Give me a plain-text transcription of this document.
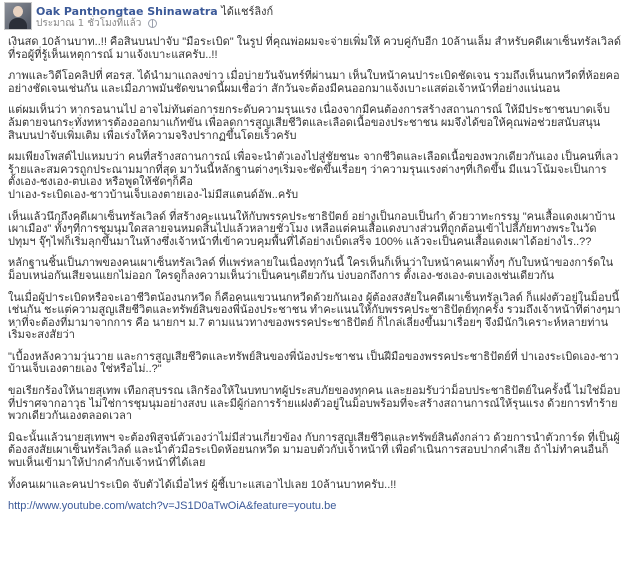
Oak Panthongtae Shinawatra ได้แชร์ลิงก์
ประมาณ 1 ชั่วโมงที่แล้ว

เงินสด 10ล้านบาท..!! คือสินบนปาจับ "มือระเบิด" ในรูป ที่คุณพ่อผมจะจ่ายเพิ่มให้ ควบคู่กับอีก 10ล้านเล็ม สำหรับคดีเผาเซ็นทรัลเวิลด์ ที่รอผู้ที่รู้เห็นเหตุการณ์ มาแจ้งเบาะแสครับ..!!

ภาพและวิดีโอคลิปที่ ศอรส. ได้นำมาแถลงข่าว เมื่อบ่ายวันจันทร์ที่ผ่านมา เห็นใบหน้าคนปาระเบิดชัดเจน รวมถึงเห็นนกหวีดที่ห้อยคออย่างชัดเจนเช่นกัน และเมื่อภาพมันชัดขนาดนี้ผมเชื่อว่า สักวันจะต้องมีคนออกมาแจ้งเบาะแสต่อเจ้าหน้าที่อย่างแน่นอน

แต่ผมเห็นว่า หากรอนานไป อาจไม่ทันต่อการยกระดับความรุนแรง เนื่องจากมีคนต้องการสร้างสถานการณ์ ให้มีประชาชนบาดเจ็บล้มตายจนกระทั่งทหารต้องออกมาแก้ทขัน เพื่อลดการสูญเสียชีวิตและเลือดเนื้อของประชาชน ผมจึงได้ขอให้คุณพ่อช่วยสนับสนุนสินบนปาจับเพิ่มเติม เพื่อเร่งให้ความจริงปรากฏขึ้นโดยเร็วครับ

ผมเพียงโพสต์ไปแหมบว่า คนที่สร้างสถานการณ์ เพื่อจะนำตัวเองไปสู่ชัยชนะ จากชีวิตและเลือดเนื้อของพวกเดียวกันเอง เป็นคนที่เลวร้ายและสมควรถูกประณามมากที่สุด มาวันนี้หลักฐานต่างๆเริ่มจะชัดขึ้นเรื่อยๆ ว่าความรุนแรงต่างๆที่เกิดขึ้น มีแนวโน้มจะเป็นการ ตั้งเอง-ชงเอง-ตบเอง หรือพูดให้ชัดๆก็คือ
ปาเอง-ระเบิดเอง-ชาวบ้านเจ็บเองตายเอง-ไม่มีสแตนด์อัพ..ครับ

เห็นแล้วนึกถึงคดีเผาเซ็นทรัลเวิลด์ ที่สร้างคะแนนให้กับพรรคประชาธิปัตย์ อย่างเป็นกอบเป็นกำ ด้วยวาทะกรรม "คนเสื้อแดงเผาบ้านเผาเมือง" ทั้งๆที่การชุมนุมใดสลายจนหมดสิ้นไปแล้วหลายชั่วโมง เหลือแต่คนเสื้อแดงบางส่วนที่ถูกต้อนเข้าไปลี้ภัยทางพระในวัดปทุมฯ จุ๊ๆไฟก็เริ่มลุกขึ้นมาในห้างซึ่งเจ้าหน้าที่เข้าควบคุมพื้นที่ได้อย่างเบ็ดเสร็จ 100% แล้วจะเป็นคนเสื้อแดงเผาได้อย่างไร..??

หลักฐานชิ้นเป็นภาพของคนเผาเซ็นทรัลเวิลด์ ที่แพร่หลายในเนื่องทุกวันนี้ ใครเห็นก็เห็นว่าใบหน้าคนเผาทั้งๆ กับใบหน้าของการ์ดในม็อบเหน่อกันเสียจนแยกไม่ออก ใครดูก็ลงความเห็นว่าเป็นคนๆเดียวกัน บ่งบอกถึงการ ตั้งเอง-ชงเอง-ตบเองเช่นเดียวกัน

ในเมื่อผู้ปาระเบิดหรือจะเอาชีวิตน้องนกหวีด ก็คือคนแขวนนกหวีดด้วยกันเอง ผู้ต้องสงสัยในคดีเผาเซ็นทรัลเวิลด์ ก็แฝงตัวอยู่ในม็อบนี้เช่นกัน ชะแต่ความสูญเสียชีวิตและทรัพย์สินของพี่น้องประชาชน ทำคะแนนให้กับพรรคประชาธิปัตย์ทุกครั้ง รวมถึงเจ้าหน้าที่ต่างๆมาหาที่จะต้องที่มามาจากการ คือ นายกฯ ม.7 ตามแนวทางของพรรคประชาธิปัตย์ ก็ไกล่เลี่ยงขึ้นมาเรื่อยๆ จึงมีนักวิเคราะห์หลายท่าน เริ่มจะสงสัยว่า

"เบื้องหลังความวุ่นวาย และการสูญเสียชีวิตและทรัพย์สินของพี่น้องประชาชน เป็นฝีมือของพรรคประชาธิปัตย์ที่ ปาเองระเบิดเอง-ชาวบ้านเจ็บเองตายเอง ใช่หรือไม่..?"

ขอเรียกร้องให้นายสุเทพ เทือกสุบรรณ เลิกร้องให้ในบทบาทผู้ประสบภัยของทุกคน และยอมรับว่าม็อบประชาธิปัตย์ในครั้งนี้ ไม่ใช่ม็อบที่ปราศจากอาวุธ ไม่ใช่การชุมนุมอย่างสงบ และมีผู้ก่อการร้ายแฝงตัวอยู่ในม็อบพร้อมที่จะสร้างสถานการณ์ให้รุนแรง ด้วยการทำร้ายพวกเดียวกันเองตลอดเวลา

มิฉะนั้นแล้วนายสุเทพฯ จะต้องพิสูจน์ตัวเองว่าไม่มีส่วนเกี่ยวข้อง กับการสูญเสียชีวิตและทรัพย์สินดังกล่าว ด้วยการนำตัวการ์ด ที่เป็นผู้ต้องสงสัยเผาเซ็นทรัลเวิลด์ และนำตัวมือระเบิดห้อยนกหวีด มามอบตัวกับเจ้าหน้าที่ เพื่อดำเนินการสอบปากคำเสีย ถ้าไม่ทำคนอื่นก็พบเห็นเข้ามาให้ปากคำกับเจ้าหน้าที่ได้เลย

ทั้งคนเผาและคนปาระเบิด จับตัวได้เมื่อไหร่ ผู้ชี้เบาะแสเอาไปเลย 10ล้านบาทครับ..!!

http://www.youtube.com/watch?v=JS1D0aTwOiA&feature=youtu.be
